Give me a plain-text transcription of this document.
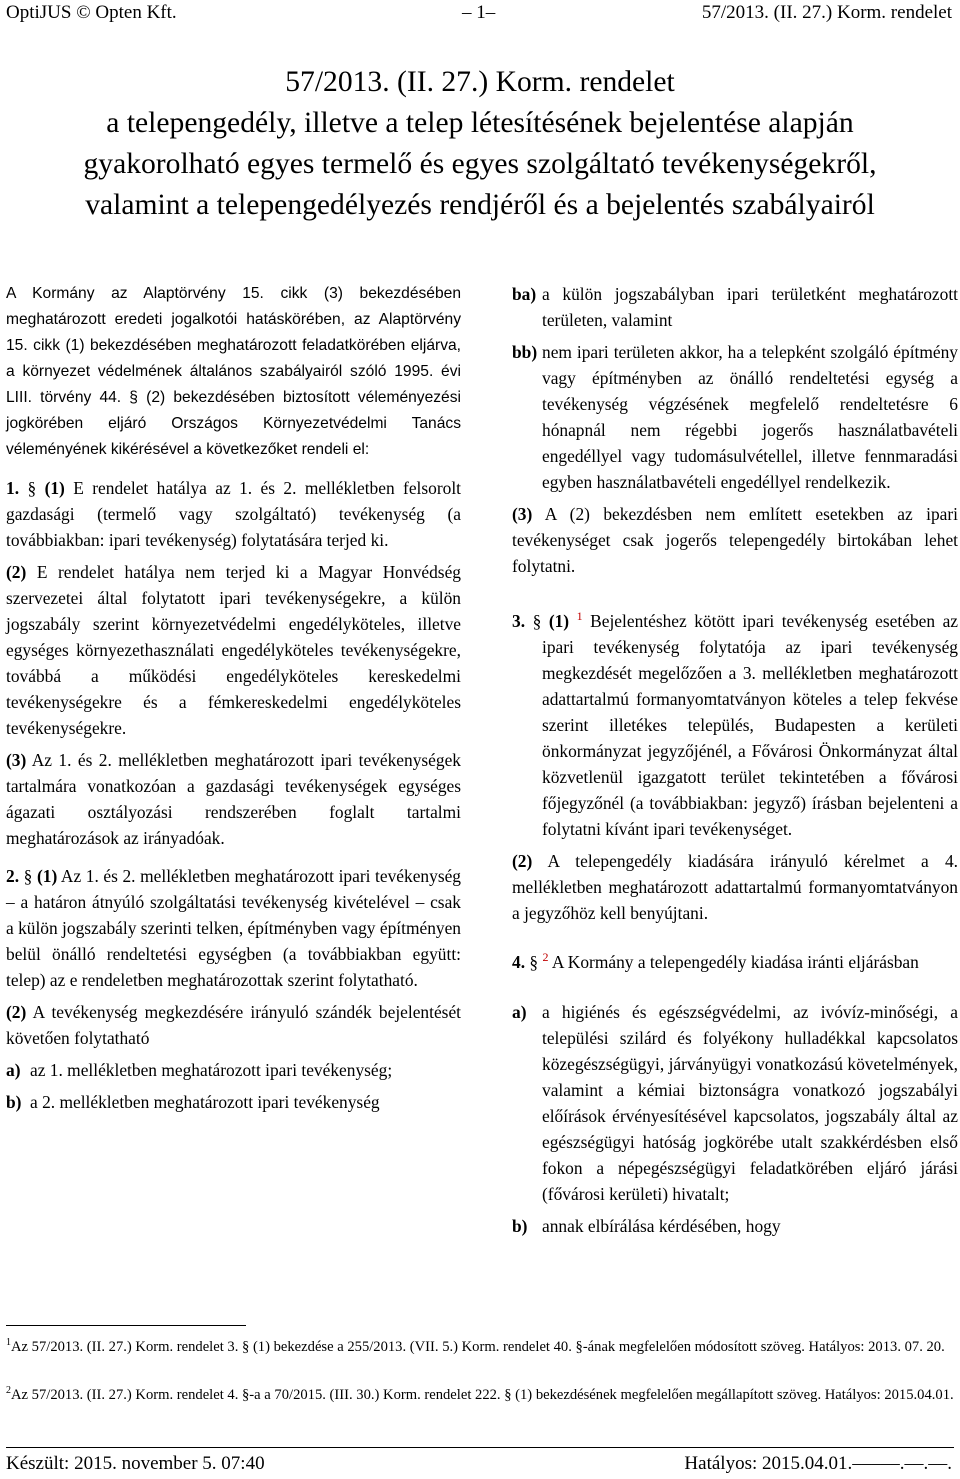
OptiJUS © Opten Kft.	– 1–	57/2013. (II. 27.) Korm. rendelet
57/2013. (II. 27.) Korm. rendelet
a telepengedély, illetve a telep létesítésének bejelentése alapján
gyakorolható egyes termelő és egyes szolgáltató tevékenységekről,
valamint a telepengedélyezés rendjéről és a bejelentés szabályairól

A Kormány az Alaptörvény 15. cikk (3) bekezdésében meghatározott eredeti jogalkotói hatáskörében, az Alaptörvény 15. cikk (1) bekezdésében meghatározott feladatkörében eljárva, a környezet védelmének általános szabályairól szóló 1995. évi LIII. törvény 44. § (2) bekezdésében biztosított véleményezési jogkörében eljáró Országos Környezetvédelmi Tanács véleményének kikérésével a következőket rendeli el:

1. § (1) E rendelet hatálya az 1. és 2. mellékletben felsorolt gazdasági (termelő vagy szolgáltató) tevékenység (a továbbiakban: ipari tevékenység) folytatására terjed ki.

(2) E rendelet hatálya nem terjed ki a Magyar Honvédség szervezetei által folytatott ipari tevékenységekre, a külön jogszabály szerint környezetvédelmi engedélyköteles, illetve egységes környezethasználati engedélyköteles tevékenységekre, továbbá a működési engedélyköteles kereskedelmi tevékenységekre és a fémkereskedelmi engedélyköteles tevékenységekre.

(3) Az 1. és 2. mellékletben meghatározott ipari tevékenységek tartalmára vonatkozóan a gazdasági tevékenységek egységes ágazati osztályozási rendszerében foglalt tartalmi meghatározások az irányadóak.

2. § (1) Az 1. és 2. mellékletben meghatározott ipari tevékenység – a határon átnyúló szolgáltatási tevékenység kivételével – csak a külön jogszabály szerinti telken, építményben vagy építményen belül önálló rendeltetési egységben (a továbbiakban együtt: telep) az e rendeletben meghatározottak szerint folytatható.

(2) A tevékenység megkezdésére irányuló szándék bejelentését követően folytatható

a) az 1. mellékletben meghatározott ipari tevékenység;
b) a 2. mellékletben meghatározott ipari tevékenység
ba) a külön jogszabályban ipari területként meghatározott területen, valamint
bb) nem ipari területen akkor, ha a telepként szolgáló építmény vagy építményben az önálló rendeltetési egység a tevékenység végzésének megfelelő rendeltetésre 6 hónapnál nem régebbi jogerős használatbavételi engedéllyel vagy tudomásulvétellel, illetve fennmaradási egyben használatbavételi engedéllyel rendelkezik.

(3) A (2) bekezdésben nem említett esetekben az ipari tevékenységet csak jogerős telepengedély birtokában lehet folytatni.

3. § (1) $^1$ Bejelentéshez kötött ipari tevékenység esetében az ipari tevékenység folytatója az ipari tevékenység megkezdését megelőzően a 3. mellékletben meghatározott adattartalmú formanyomtatványon köteles a telep fekvése szerint illetékes település, Budapesten a kerületi önkormányzat jegyzőjénél, a Fővárosi Önkormányzat által közvetlenül igazgatott terület tekintetében a fővárosi főjegyzőnél (a továbbiakban: jegyző) írásban bejelenteni a folytatni kívánt ipari tevékenységet.

(2) A telepengedély kiadására irányuló kérelmet a 4. mellékletben meghatározott adattartalmú formanyomtatványon a jegyzőhöz kell benyújtani.

4. § $^2$ A Kormány a telepengedély kiadása iránti eljárásban

a) a higiénés és egészségvédelmi, az ivóvíz-minőségi, a települési szilárd és folyékony hulladékkal kapcsolatos közegészségügyi, járványügyi vonatkozású követelmények, valamint a kémiai biztonságra vonatkozó jogszabályi előírások érvényesítésével kapcsolatos, jogszabály által az egészségügyi hatóság jogkörébe utalt szakkérdésben első fokon a népegészségügyi feladatkörében eljáró járási (fővárosi kerületi) hivatalt;
b) annak elbírálása kérdésében, hogy
$^1$Az 57/2013. (II. 27.) Korm. rendelet 3. § (1) bekezdése a 255/2013. (VII. 5.) Korm. rendelet 40. §-ának megfelelően módosított szöveg. Hatályos: 2013. 07. 20.
$^2$Az 57/2013. (II. 27.) Korm. rendelet 4. §-a a 70/2015. (III. 30.) Korm. rendelet 222. § (1) bekezdésének megfelelően megállapított szöveg. Hatályos: 2015.04.01.
Készült: 2015. november 5. 07:40	Hatályos: 2015.04.01.–––––.––.––.
